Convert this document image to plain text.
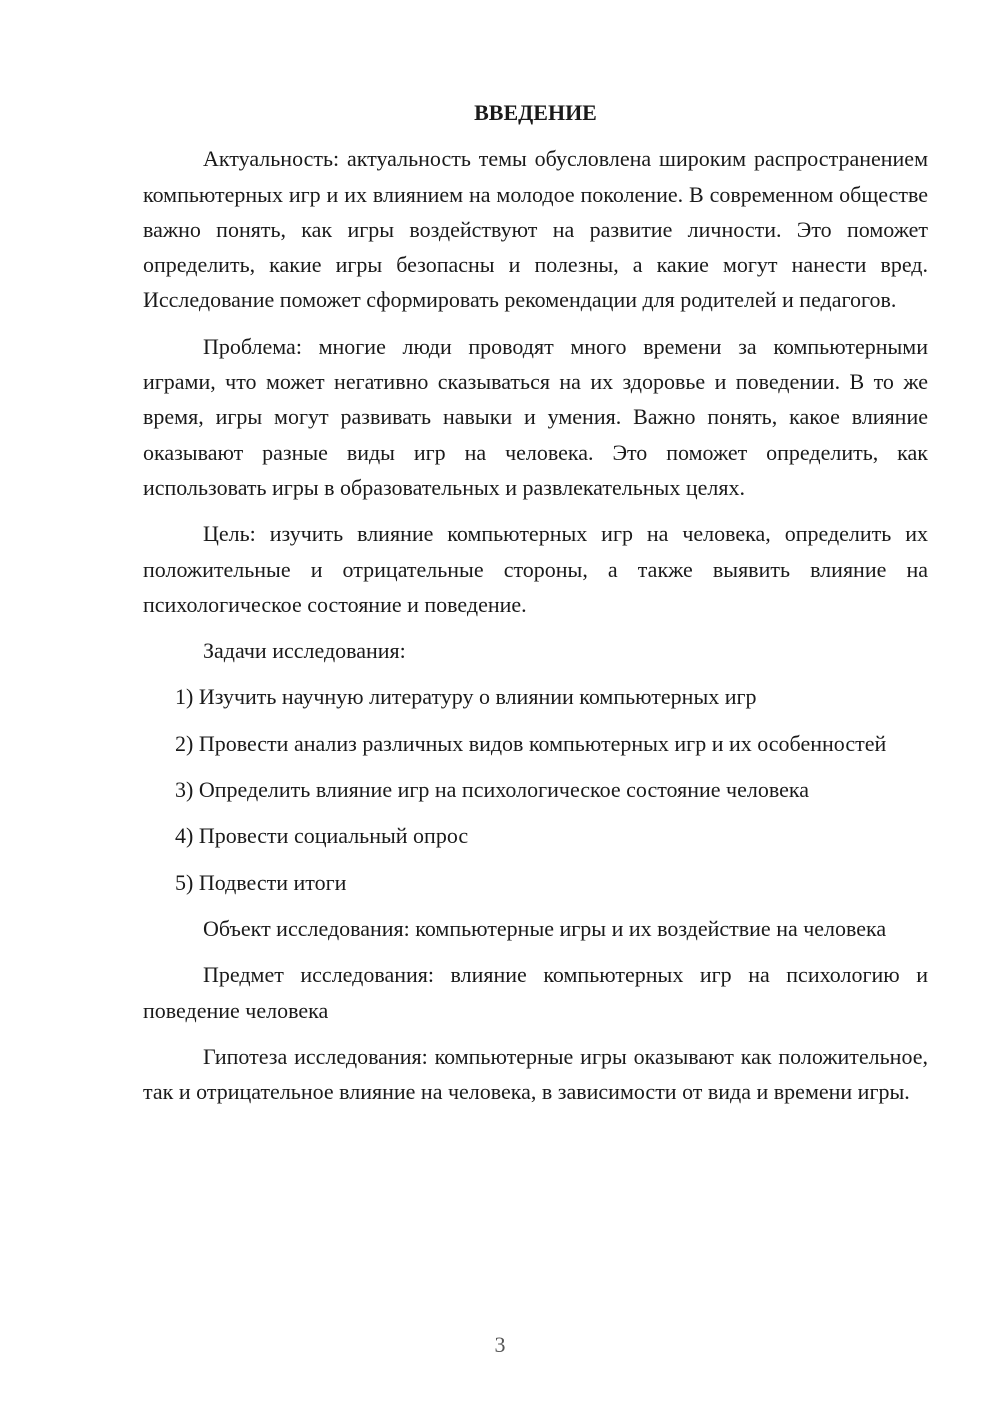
ВВЕДЕНИЕ

Актуальность: актуальность темы обусловлена широким распространением компьютерных игр и их влиянием на молодое поколение. В современном обществе важно понять, как игры воздействуют на развитие личности. Это поможет определить, какие игры безопасны и полезны, а какие могут нанести вред. Исследование поможет сформировать рекомендации для родителей и педагогов.

Проблема: многие люди проводят много времени за компьютерными играми, что может негативно сказываться на их здоровье и поведении. В то же время, игры могут развивать навыки и умения. Важно понять, какое влияние оказывают разные виды игр на человека. Это поможет определить, как использовать игры в образовательных и развлекательных целях.

Цель: изучить влияние компьютерных игр на человека, определить их положительные и отрицательные стороны, а также выявить влияние на психологическое состояние и поведение.

Задачи исследования:

1) Изучить научную литературу о влиянии компьютерных игр

2) Провести анализ различных видов компьютерных игр и их особенностей

3) Определить влияние игр на психологическое состояние человека

4) Провести социальный опрос

5) Подвести итоги

Объект исследования: компьютерные игры и их воздействие на человека

Предмет исследования: влияние компьютерных игр на психологию и поведение человека

Гипотеза исследования: компьютерные игры оказывают как положительное, так и отрицательное влияние на человека, в зависимости от вида и времени игры.

3
